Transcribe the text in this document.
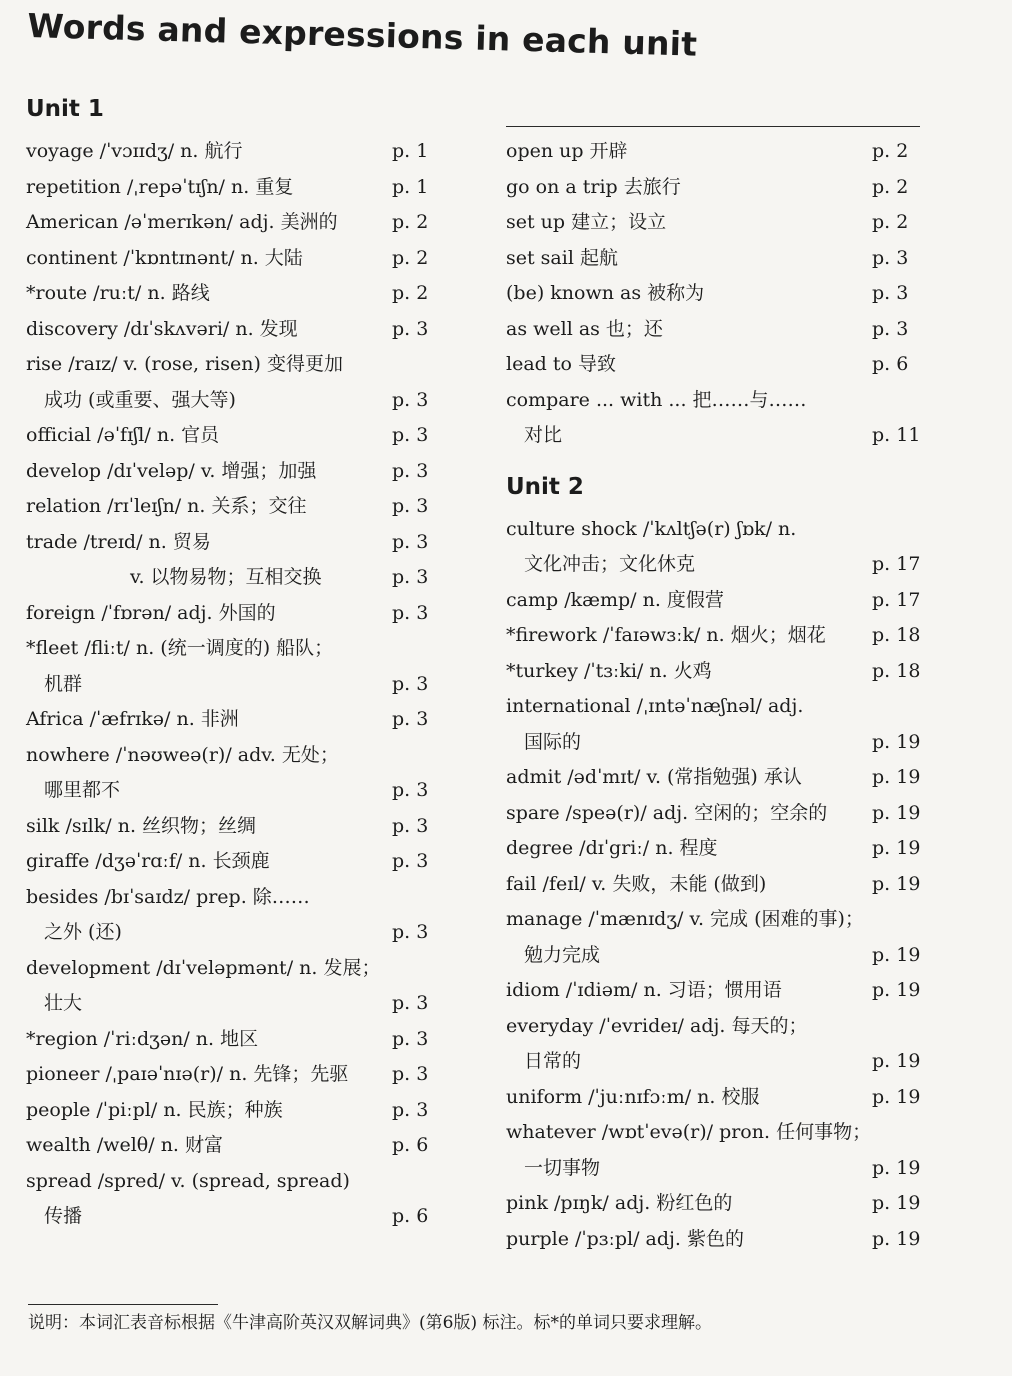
Words and expressions in each unit
Unit 1
voyage /ˈvɔɪɪdʒ/ n. 航行	p. 1
repetition /ˌrepəˈtɪʃn/ n. 重复	p. 1
American /əˈmerɪkən/ adj. 美洲的	p. 2
continent /ˈkɒntɪnənt/ n. 大陆	p. 2
*route /ruːt/ n. 路线	p. 2
discovery /dɪˈskʌvəri/ n. 发现	p. 3
rise /raɪz/ v. (rose, risen) 变得更加
成功 (或重要、强大等)	p. 3
official /əˈfɪʃl/ n. 官员	p. 3
develop /dɪˈveləp/ v. 增强；加强	p. 3
relation /rɪˈleɪʃn/ n. 关系；交往	p. 3
trade /treɪd/ n. 贸易	p. 3
v. 以物易物；互相交换	p. 3
foreign /ˈfɒrən/ adj. 外国的	p. 3
*fleet /fliːt/ n. (统一调度的) 船队；
机群	p. 3
Africa /ˈæfrɪkə/ n. 非洲	p. 3
nowhere /ˈnəʊweə(r)/ adv. 无处；
哪里都不	p. 3
silk /sɪlk/ n. 丝织物；丝绸	p. 3
giraffe /dʒəˈrɑːf/ n. 长颈鹿	p. 3
besides /bɪˈsaɪdz/ prep. 除……
之外 (还)	p. 3
development /dɪˈveləpmənt/ n. 发展；
壮大	p. 3
*region /ˈriːdʒən/ n. 地区	p. 3
pioneer /ˌpaɪəˈnɪə(r)/ n. 先锋；先驱 p. 3
people /ˈpiːpl/ n. 民族；种族	p. 3
wealth /welθ/ n. 财富	p. 6
spread /spred/ v. (spread, spread)
传播	p. 6
open up 开辟	p. 2
go on a trip 去旅行	p. 2
set up 建立；设立	p. 2
set sail 起航	p. 3
(be) known as 被称为	p. 3
as well as 也；还	p. 3
lead to 导致	p. 6
compare ... with ... 把……与……
对比	p. 11
Unit 2
culture shock /ˈkʌltʃə(r) ʃɒk/ n.
文化冲击；文化休克	p. 17
camp /kæmp/ n. 度假营	p. 17
*firework /ˈfaɪəwɜːk/ n. 烟火；烟花 p. 18
*turkey /ˈtɜːki/ n. 火鸡	p. 18
international /ˌɪntəˈnæʃnəl/ adj.
国际的	p. 19
admit /ədˈmɪt/ v. (常指勉强) 承认	p. 19
spare /speə(r)/ adj. 空闲的；空余的 p. 19
degree /dɪˈgriː/ n. 程度	p. 19
fail /feɪl/ v. 失败，未能 (做到)	p. 19
manage /ˈmænɪdʒ/ v. 完成 (困难的事)；
勉力完成	p. 19
idiom /ˈɪdiəm/ n. 习语；惯用语	p. 19
everyday /ˈevrideɪ/ adj. 每天的；
日常的	p. 19
uniform /ˈjuːnɪfɔːm/ n. 校服	p. 19
whatever /wɒtˈevə(r)/ pron. 任何事物；
一切事物	p. 19
pink /pɪŋk/ adj. 粉红色的	p. 19
purple /ˈpɜːpl/ adj. 紫色的	p. 19
说明：本词汇表音标根据《牛津高阶英汉双解词典》(第6版) 标注。标*的单词只要求理解。
